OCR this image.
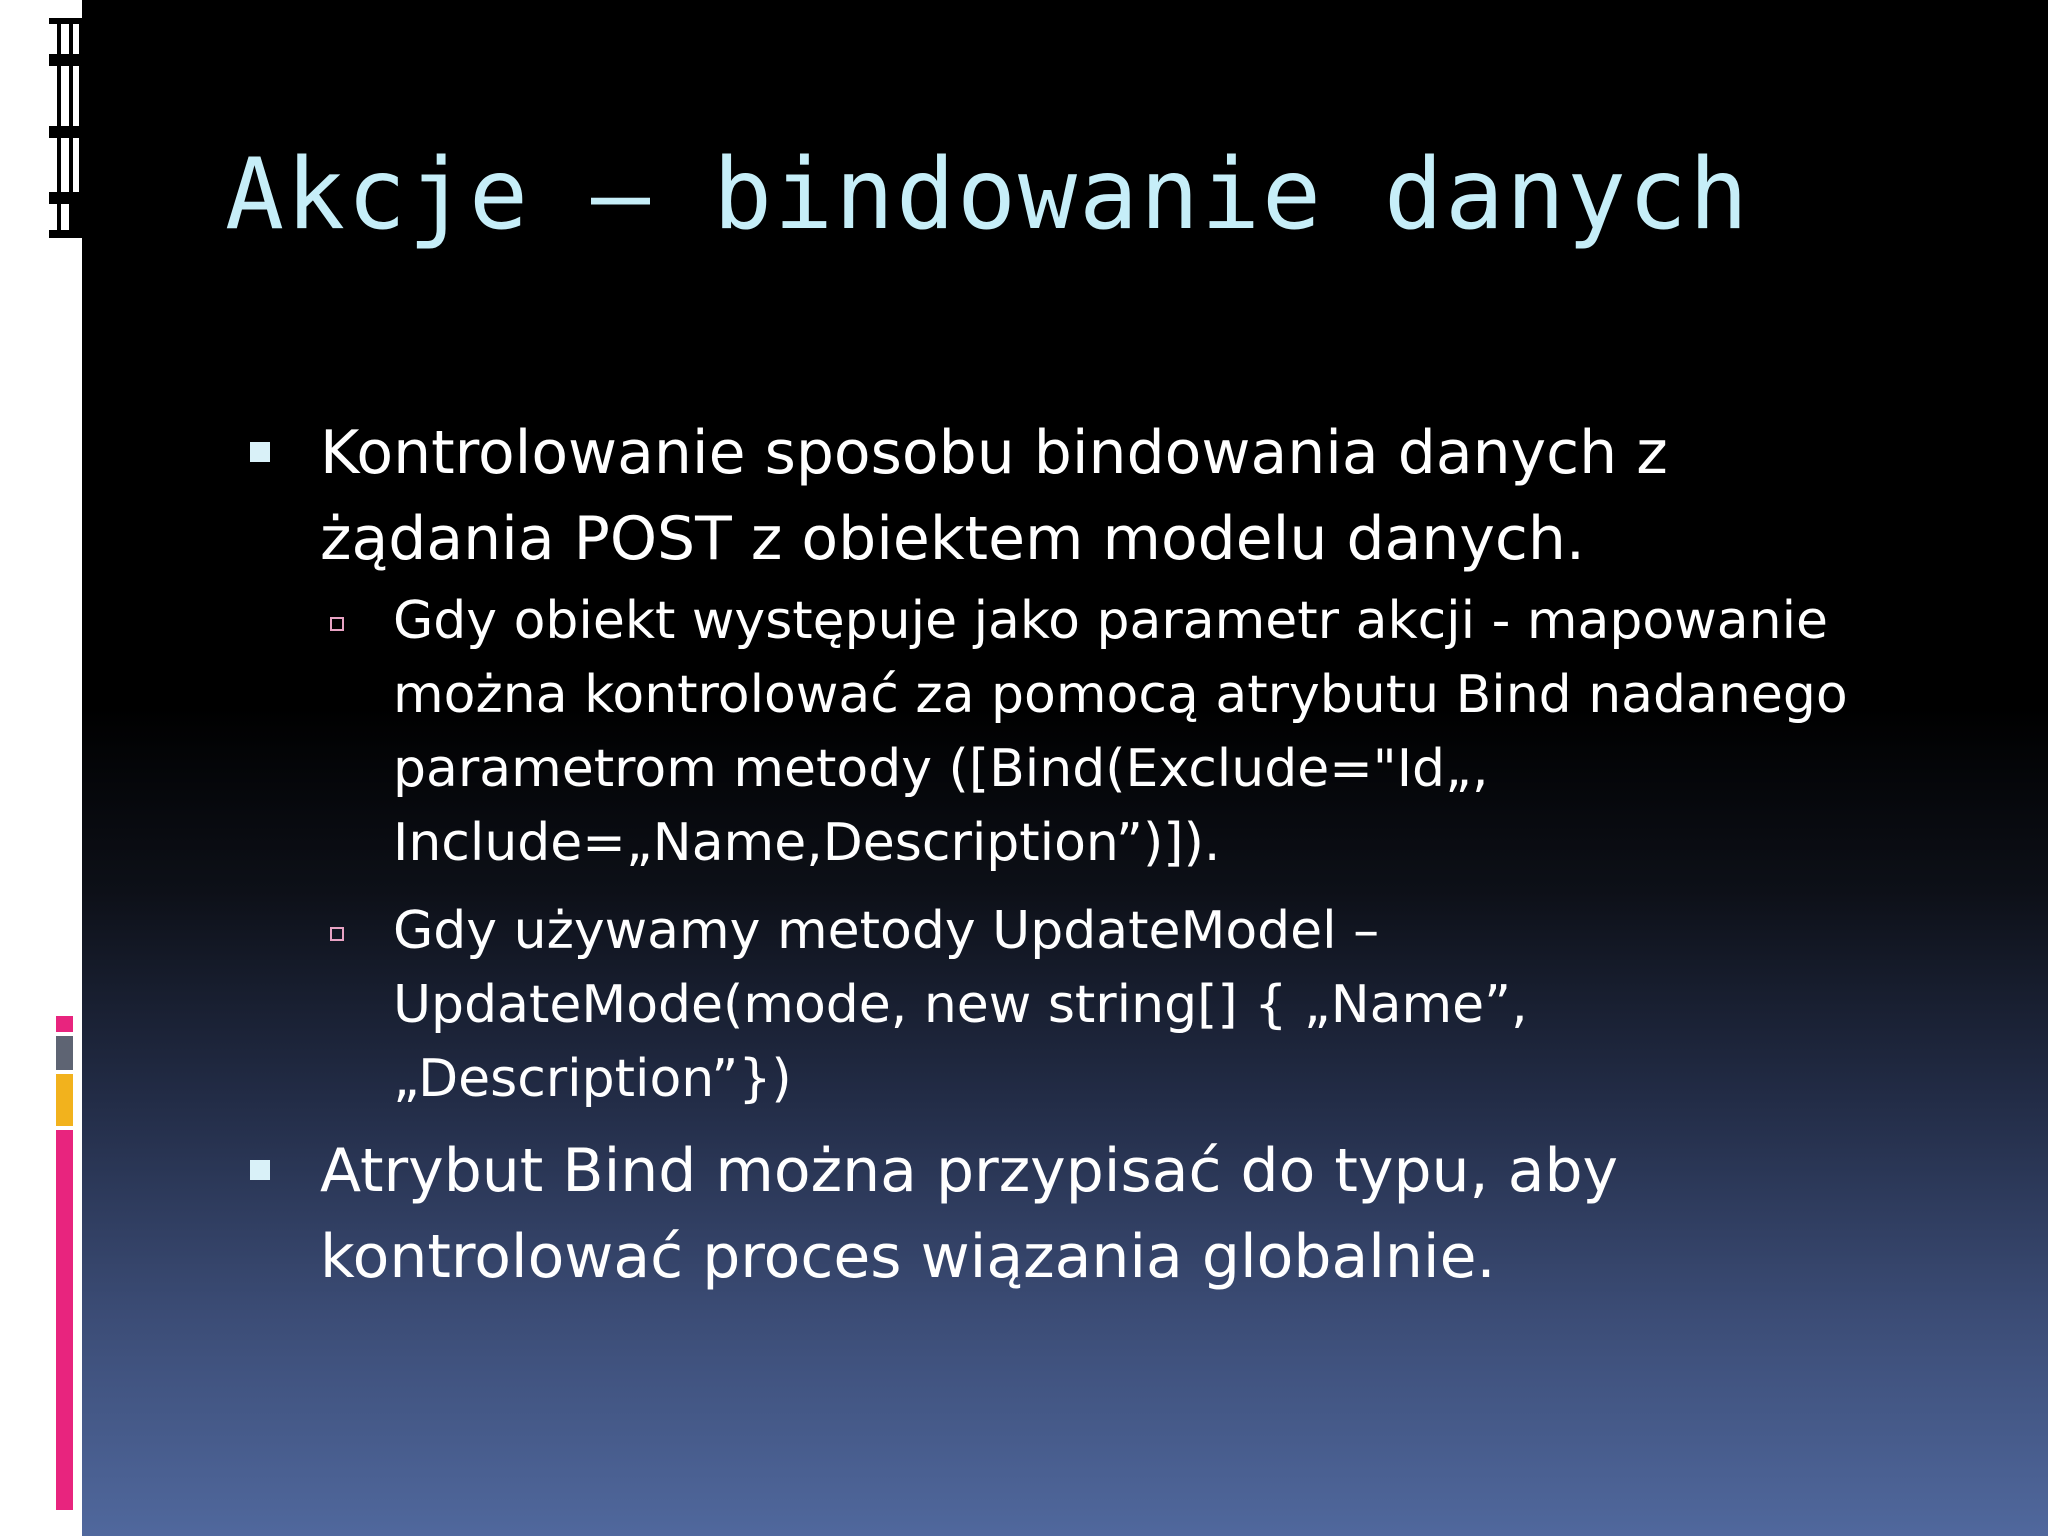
Akcje – bindowanie danych
Kontrolowanie sposobu bindowania danych z żądania POST z obiektem modelu danych.
Gdy obiekt występuje jako parametr akcji - mapowanie można kontrolować za pomocą atrybutu Bind nadanego parametrom metody ([Bind(Exclude="Id„, Include=„Name,Description”)]).
Gdy używamy metody UpdateModel – UpdateMode(mode, new string[] { „Name”, „Description”})
Atrybut Bind można przypisać do typu, aby kontrolować proces wiązania globalnie.
